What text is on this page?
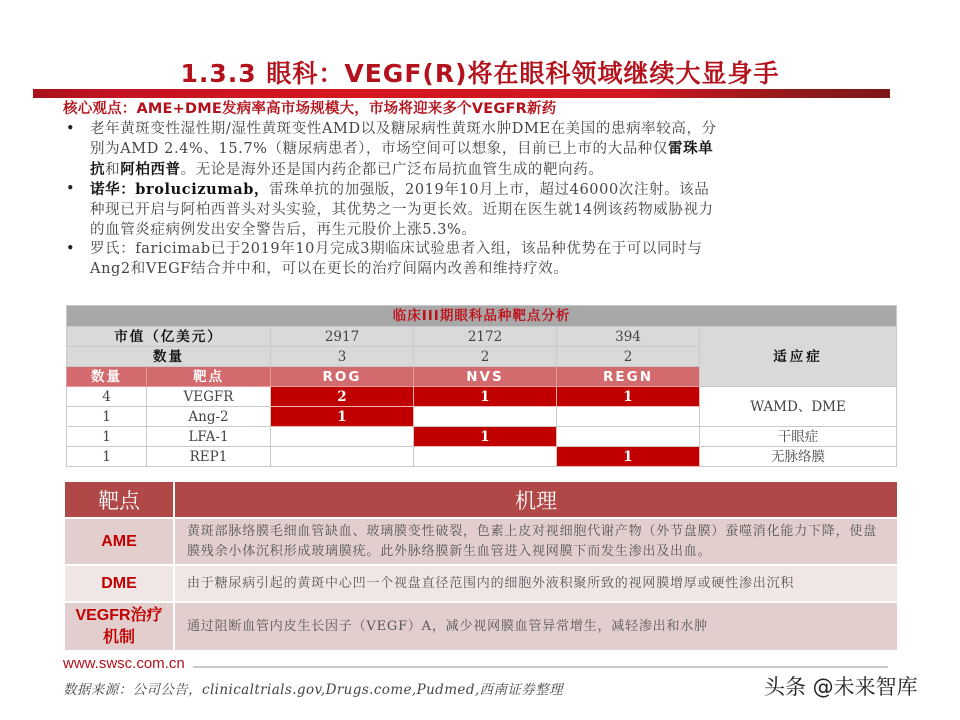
1.3.3 眼科：VEGF(R)将在眼科领域继续大显身手
核心观点：AME+DME发病率高市场规模大，市场将迎来多个VEGFR新药
• 老年黄斑变性湿性期/湿性黄斑变性AMD以及糖尿病性黄斑水肿DME在美国的患病率较高，分别为AMD 2.4%、15.7%（糖尿病患者），市场空间可以想象，目前已上市的大品种仅雷珠单抗和阿柏西普。无论是海外还是国内药企都已广泛布局抗血管生成的靶向药。
• 诺华：brolucizumab，雷珠单抗的加强版，2019年10月上市，超过46000次注射。该品种现已开启与阿柏西普头对头实验，其优势之一为更长效。近期在医生就14例该药物威胁视力的血管炎症病例发出安全警告后，再生元股价上涨5.3%。
• 罗氏：faricimab已于2019年10月完成3期临床试验患者入组，该品种优势在于可以同时与Ang2和VEGF结合并中和，可以在更长的治疗间隔内改善和维持疗效。
临床III期眼科品种靶点分析					
市值（亿美元）		2917	2172	394	适应症
数量		3	2	2	
数量	靶点	ROG	NVS	REGN	
4	VEGFR	2	1	1	WAMD、DME
1	Ang-2	1			
1	LFA-1		1		干眼症
1	REP1			1	无脉络膜
靶点	机理
AME	黄斑部脉络膜毛细血管缺血、玻璃膜变性破裂，色素上皮对视细胞代谢产物（外节盘膜）蚕噬消化能力下降，使盘膜残余小体沉积形成玻璃膜疣。此外脉络膜新生血管进入视网膜下而发生渗出及出血。
DME	由于糖尿病引起的黄斑中心凹一个视盘直径范围内的细胞外液积聚所致的视网膜增厚或硬性渗出沉积
VEGFR治疗机制	通过阻断血管内皮生长因子（VEGF）A，减少视网膜血管异常增生，减轻渗出和水肿
www.swsc.com.cn
数据来源：公司公告，clinicaltrials.gov,Drugs.come,Pudmed,西南证券整理	头条 @未来智库
